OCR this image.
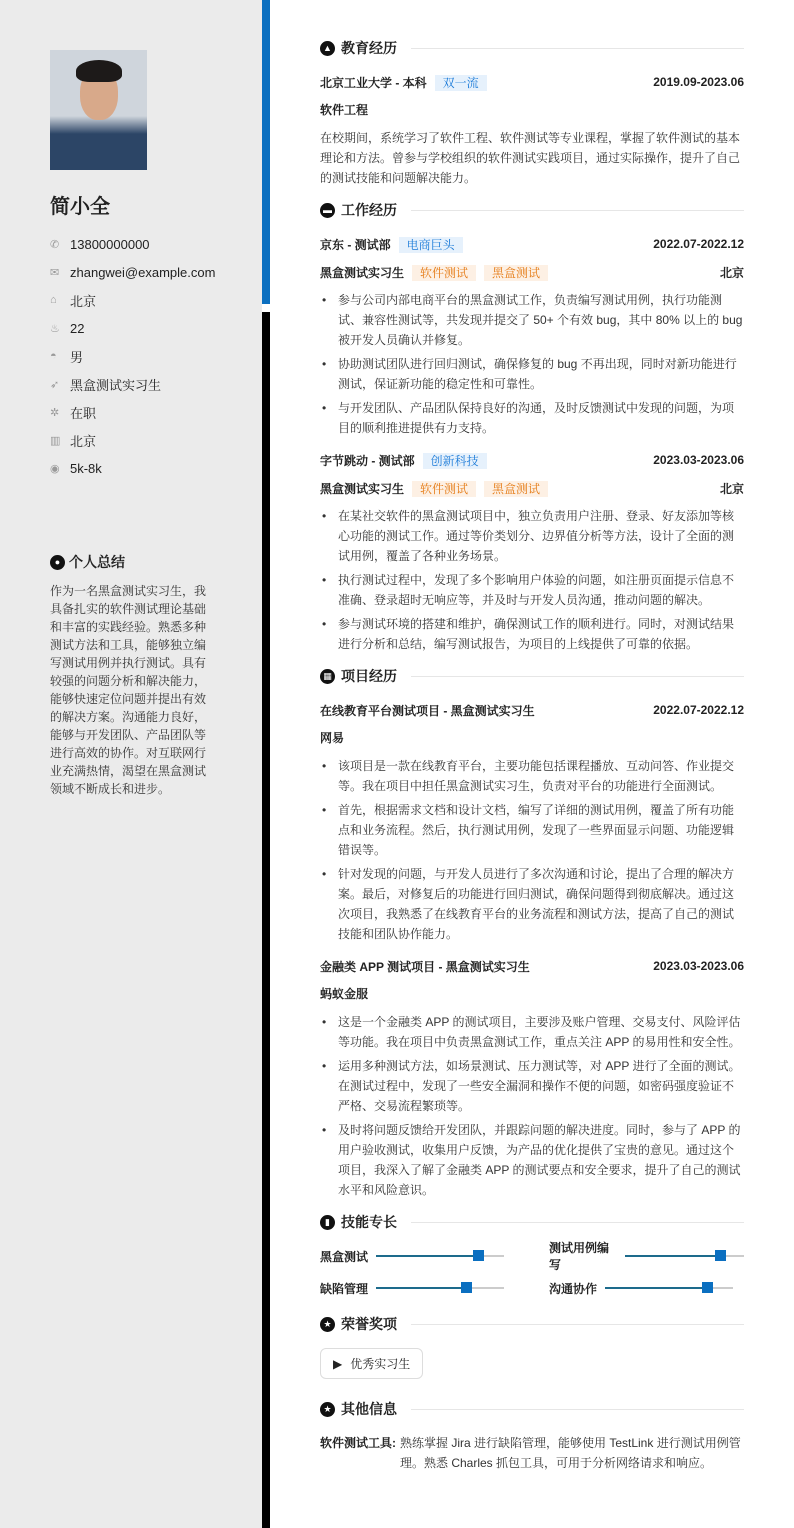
简小全
✆ 13800000000
✉ zhangwei@example.com
⌂	北京
♨ 22
◓	男
➶ 黑盒测试实习生
✲ 在职
▥ 北京
◉ 5k-8k
● 个人总结

作为一名黑盒测试实习生，我具备扎实的软件测试理论基础和丰富的实践经验。熟悉多种测试方法和工具，能够独立编写测试用例并执行测试。具有较强的问题分析和解决能力，能够快速定位问题并提出有效的解决方案。沟通能力良好，能够与开发团队、产品团队等进行高效的协作。对互联网行业充满热情，渴望在黑盒测试领域不断成长和进步。

▲ 教育经历
北京工业大学 - 本科 双一流	2019.09-2023.06
软件工程
在校期间，系统学习了软件工程、软件测试等专业课程，掌握了软件测试的基本理论和方法。曾参与学校组织的软件测试实践项目，通过实际操作，提升了自己的测试技能和问题解决能力。
▬ 工作经历
京东 - 测试部 电商巨头	2022.07-2022.12
黑盒测试实习生 软件测试 黑盒测试	北京
• 参与公司内部电商平台的黑盒测试工作，负责编写测试用例，执行功能测试、兼容性测试等，共发现并提交了 50+ 个有效 bug，其中 80% 以上的 bug 被开发人员确认并修复。
• 协助测试团队进行回归测试，确保修复的 bug 不再出现，同时对新功能进行测试，保证新功能的稳定性和可靠性。
• 与开发团队、产品团队保持良好的沟通，及时反馈测试中发现的问题，为项目的顺利推进提供有力支持。
字节跳动 - 测试部 创新科技	2023.03-2023.06
黑盒测试实习生 软件测试 黑盒测试	北京
• 在某社交软件的黑盒测试项目中，独立负责用户注册、登录、好友添加等核心功能的测试工作。通过等价类划分、边界值分析等方法，设计了全面的测试用例，覆盖了各种业务场景。
• 执行测试过程中，发现了多个影响用户体验的问题，如注册页面提示信息不准确、登录超时无响应等，并及时与开发人员沟通，推动问题的解决。
• 参与测试环境的搭建和维护，确保测试工作的顺利进行。同时，对测试结果进行分析和总结，编写测试报告，为项目的上线提供了可靠的依据。
▦ 项目经历
在线教育平台测试项目 - 黑盒测试实习生	2022.07-2022.12
网易
• 该项目是一款在线教育平台，主要功能包括课程播放、互动问答、作业提交等。我在项目中担任黑盒测试实习生，负责对平台的功能进行全面测试。
• 首先，根据需求文档和设计文档，编写了详细的测试用例，覆盖了所有功能点和业务流程。然后，执行测试用例，发现了一些界面显示问题、功能逻辑错误等。
• 针对发现的问题，与开发人员进行了多次沟通和讨论，提出了合理的解决方案。最后，对修复后的功能进行回归测试，确保问题得到彻底解决。通过这次项目，我熟悉了在线教育平台的业务流程和测试方法，提高了自己的测试技能和团队协作能力。
金融类 APP 测试项目 - 黑盒测试实习生	2023.03-2023.06
蚂蚁金服
• 这是一个金融类 APP 的测试项目，主要涉及账户管理、交易支付、风险评估等功能。我在项目中负责黑盒测试工作，重点关注 APP 的易用性和安全性。
• 运用多种测试方法，如场景测试、压力测试等，对 APP 进行了全面的测试。在测试过程中，发现了一些安全漏洞和操作不便的问题，如密码强度验证不严格、交易流程繁琐等。
• 及时将问题反馈给开发团队，并跟踪问题的解决进度。同时，参与了 APP 的用户验收测试，收集用户反馈，为产品的优化提供了宝贵的意见。通过这个项目，我深入了解了金融类 APP 的测试要点和安全要求，提升了自己的测试水平和风险意识。
▮ 技能专长
黑盒测试
测试用例编写
缺陷管理	沟通协作
★ 荣誉奖项
▶ 优秀实习生
★ 其他信息
软件测试工具: 熟练掌握 Jira 进行缺陷管理，能够使用 TestLink 进行测试用例管理。熟悉 Charles 抓包工具，可用于分析网络请求和响应。
